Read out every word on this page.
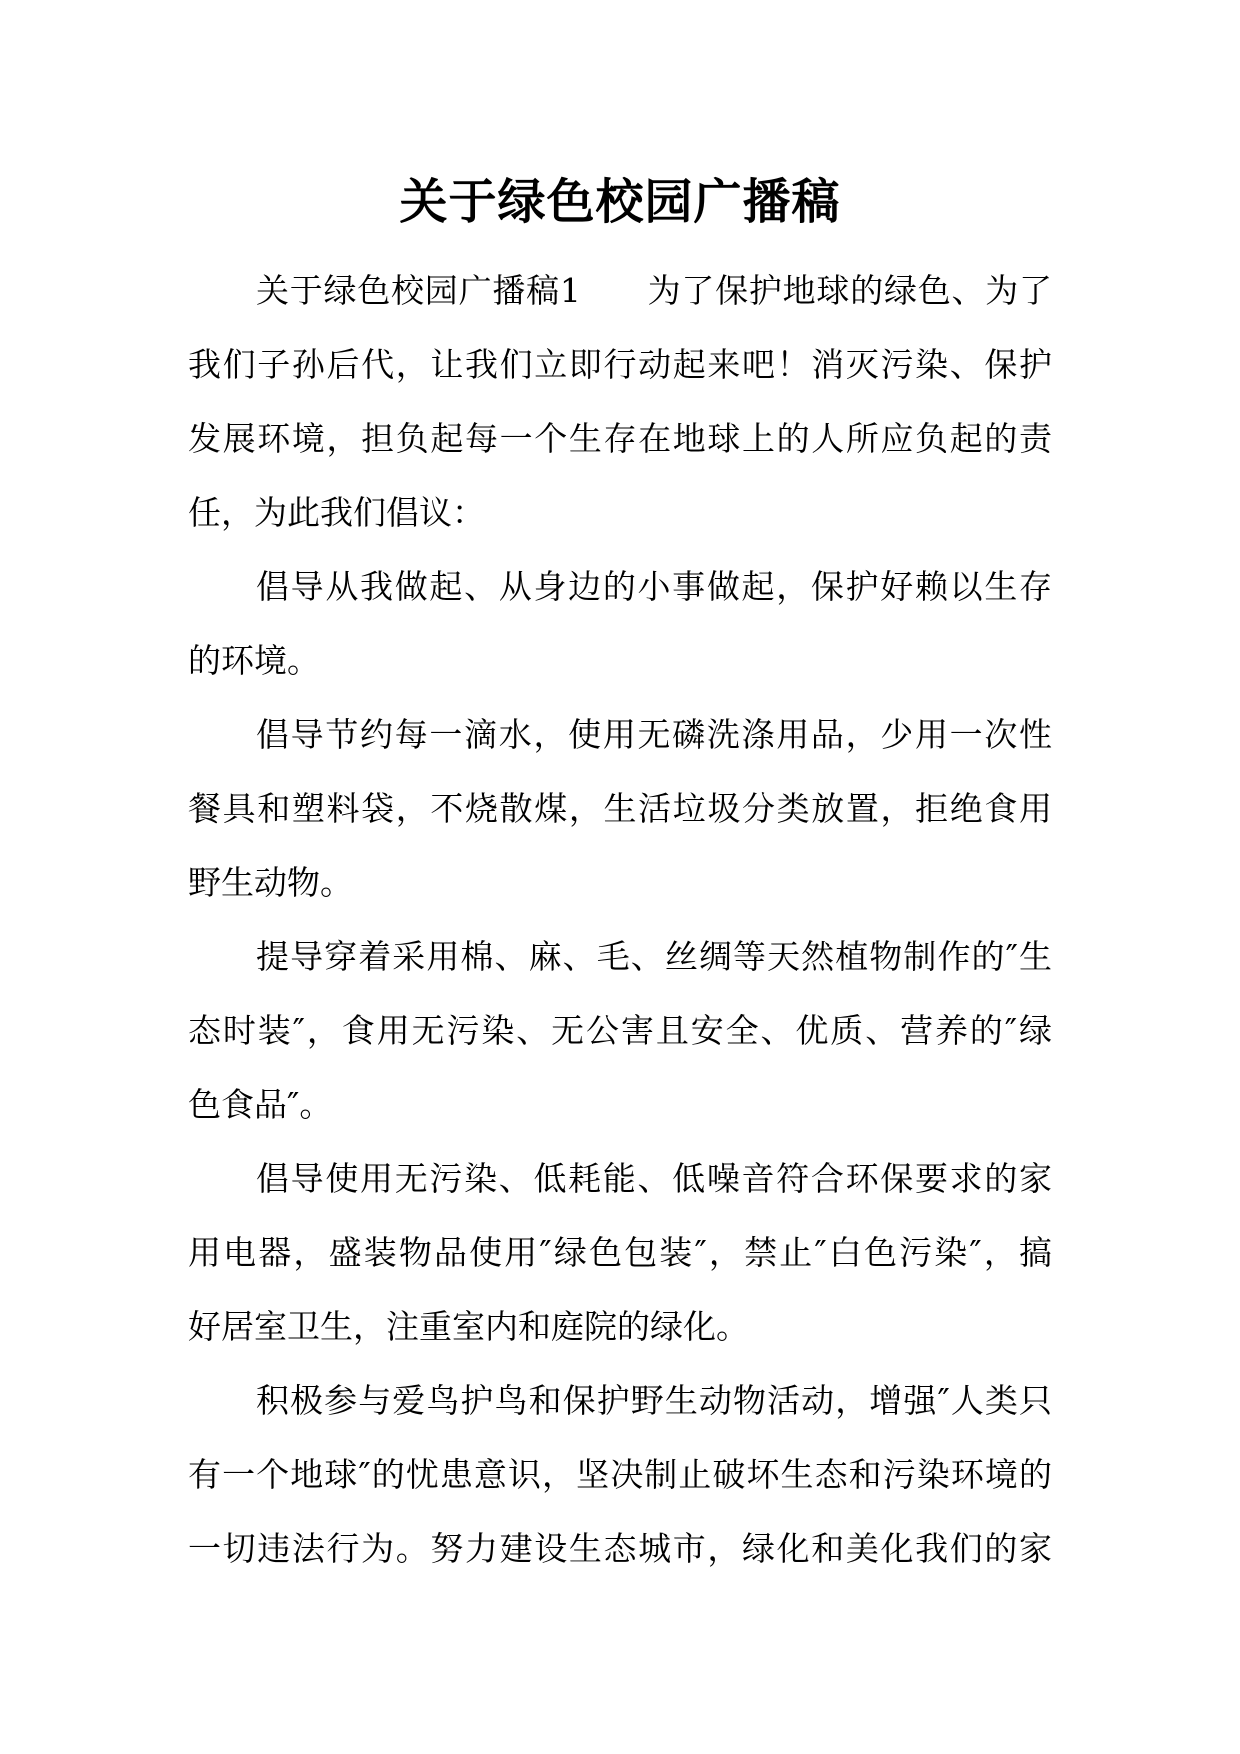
关于绿色校园广播稿
关于绿色校园广播稿1 为了保护地球的绿色、为了
我们子孙后代，让我们立即行动起来吧！消灭污染、保护
发展环境，担负起每一个生存在地球上的人所应负起的责
任，为此我们倡议：
倡导从我做起、从身边的小事做起，保护好赖以生存
的环境。
倡导节约每一滴水，使用无磷洗涤用品，少用一次性
餐具和塑料袋，不烧散煤，生活垃圾分类放置，拒绝食用
野生动物。
提导穿着采用棉、麻、毛、丝绸等天然植物制作的″生
态时装″，食用无污染、无公害且安全、优质、营养的″绿
色食品″。
倡导使用无污染、低耗能、低噪音符合环保要求的家
用电器，盛装物品使用″绿色包装″，禁止″白色污染″，搞
好居室卫生，注重室内和庭院的绿化。
积极参与爱鸟护鸟和保护野生动物活动，增强″人类只
有一个地球″的忧患意识，坚决制止破坏生态和污染环境的
一切违法行为。努力建设生态城市，绿化和美化我们的家
